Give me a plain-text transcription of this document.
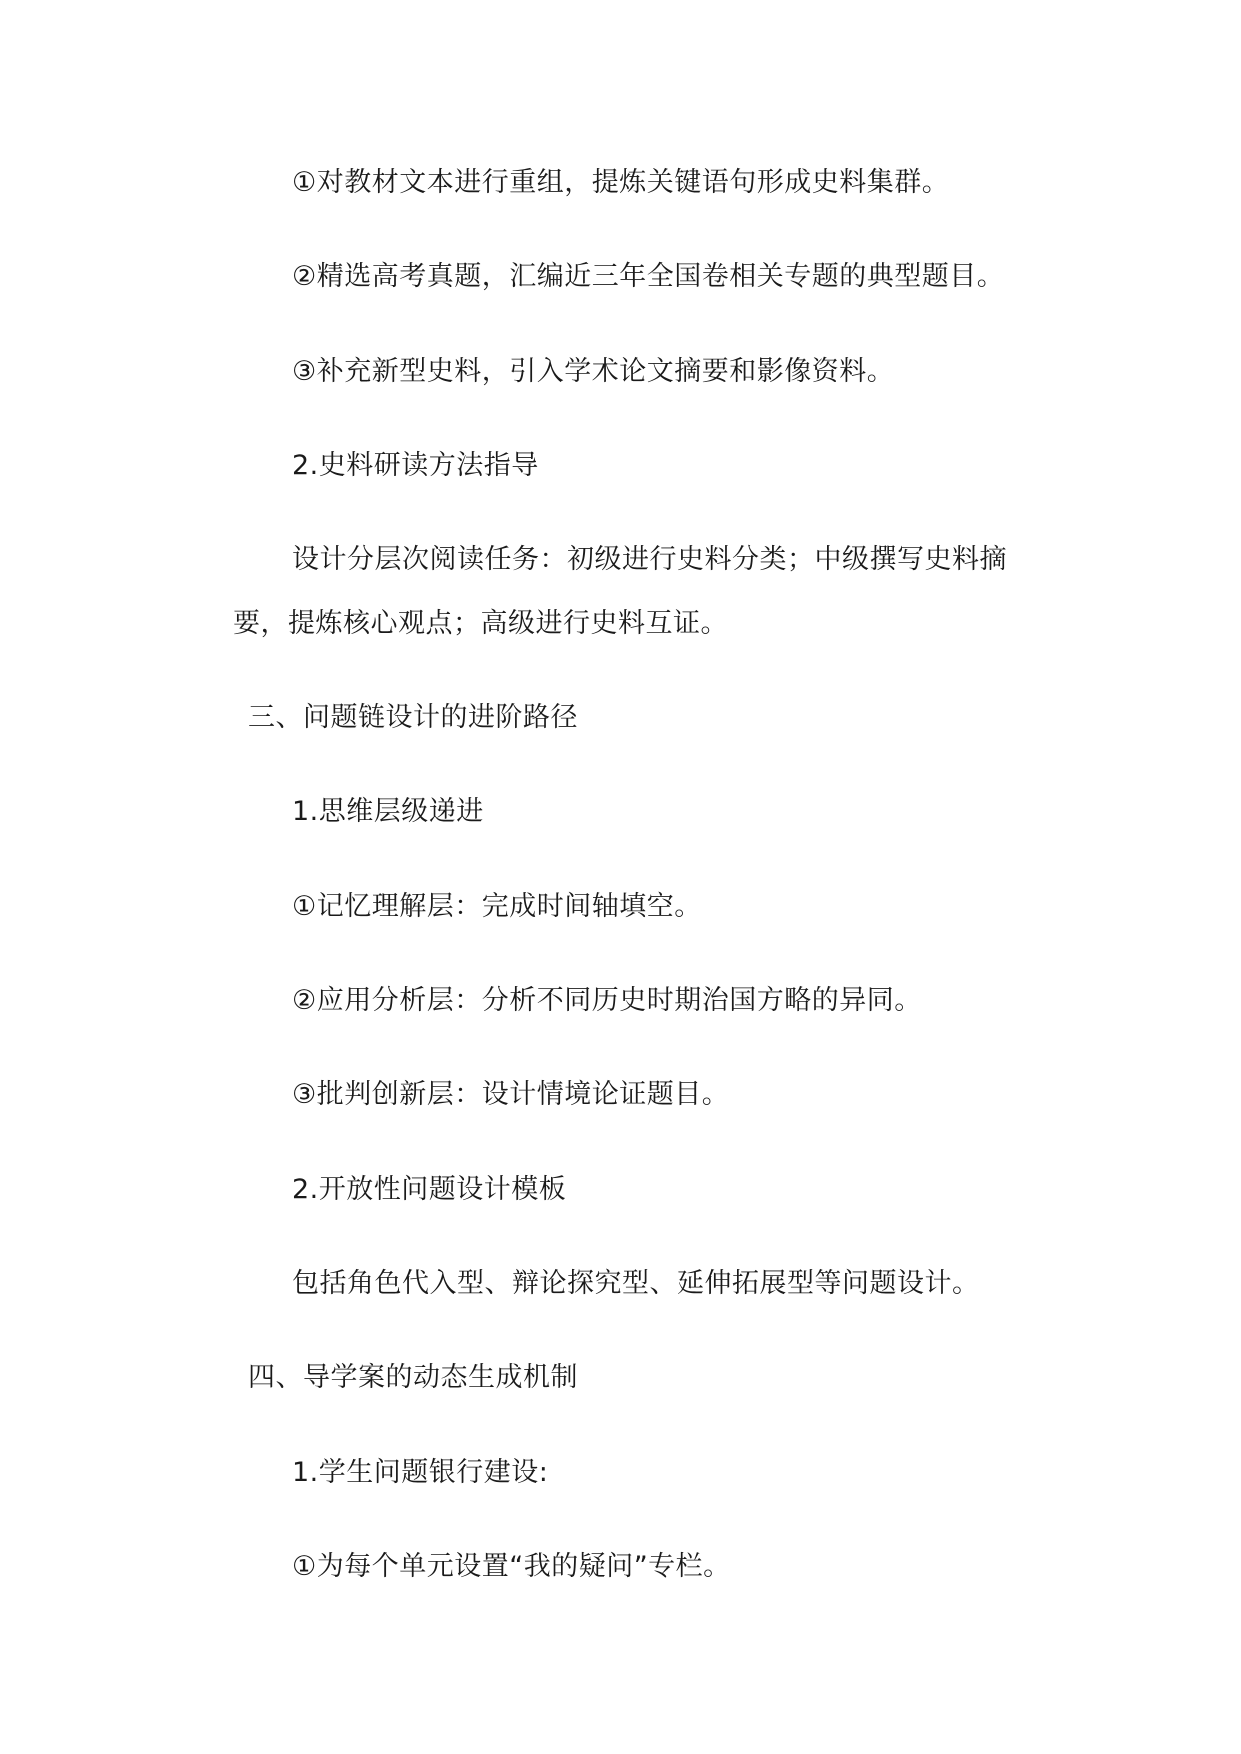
①对教材文本进行重组，提炼关键语句形成史料集群。
②精选高考真题，汇编近三年全国卷相关专题的典型题目。
③补充新型史料，引入学术论文摘要和影像资料。
2.史料研读方法指导
设计分层次阅读任务：初级进行史料分类；中级撰写史料摘
要，提炼核心观点；高级进行史料互证。
三、问题链设计的进阶路径
1.思维层级递进
①记忆理解层：完成时间轴填空。
②应用分析层：分析不同历史时期治国方略的异同。
③批判创新层：设计情境论证题目。
2.开放性问题设计模板
包括角色代入型、辩论探究型、延伸拓展型等问题设计。
四、导学案的动态生成机制
1.学生问题银行建设:
①为每个单元设置“我的疑问”专栏。
